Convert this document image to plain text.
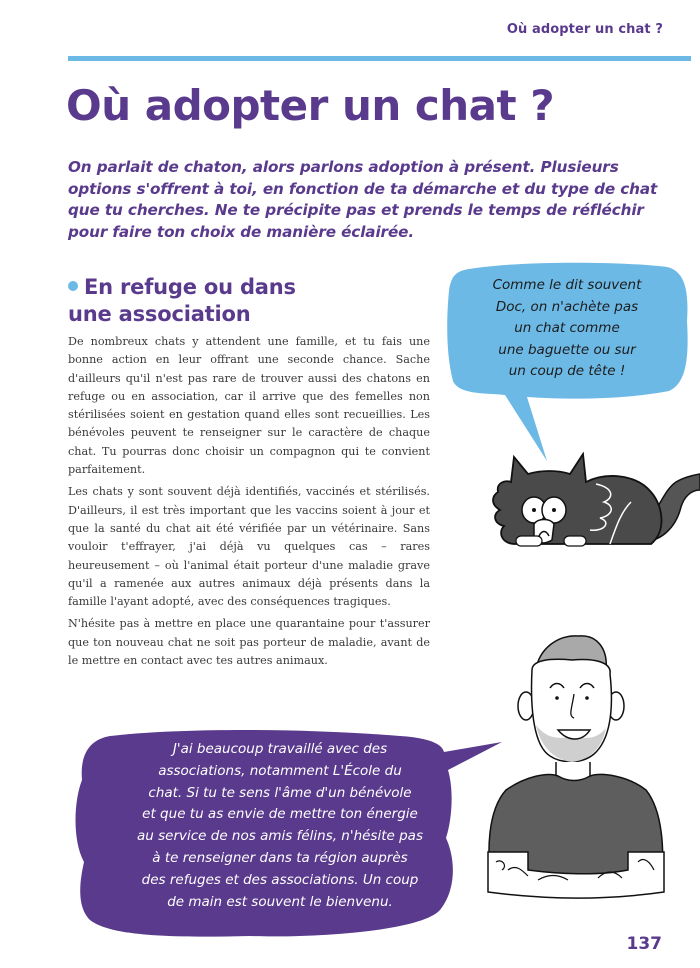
Où adopter un chat ?
Où adopter un chat ?

On parlait de chaton, alors parlons adoption à présent. Plusieurs options s'offrent à toi, en fonction de ta démarche et du type de chat que tu cherches. Ne te précipite pas et prends le temps de réfléchir pour faire ton choix de manière éclairée.

En refuge ou dans
une association

De nombreux chats y attendent une famille, et tu fais une bonne action en leur offrant une seconde chance. Sache d'ailleurs qu'il n'est pas rare de trouver aussi des chatons en refuge ou en association, car il arrive que des femelles non stérilisées soient en gestation quand elles sont recueillies. Les bénévoles peuvent te renseigner sur le caractère de chaque chat. Tu pourras donc choisir un compagnon qui te convient parfaitement.

Les chats y sont souvent déjà identifiés, vaccinés et stérilisés. D'ailleurs, il est très important que les vaccins soient à jour et que la santé du chat ait été vérifiée par un vétérinaire. Sans vouloir t'effrayer, j'ai déjà vu quelques cas – rares heureusement – où l'animal était porteur d'une maladie grave qu'il a ramenée aux autres animaux déjà présents dans la famille l'ayant adopté, avec des conséquences tragiques.

N'hésite pas à mettre en place une quarantaine pour t'assurer que ton nouveau chat ne soit pas porteur de maladie, avant de le mettre en contact avec tes autres animaux.

Comme le dit souvent
Doc, on n'achète pas
un chat comme
une baguette ou sur
un coup de tête !
J'ai beaucoup travaillé avec des
associations, notamment L'École du
chat. Si tu te sens l'âme d'un bénévole
et que tu as envie de mettre ton énergie
au service de nos amis félins, n'hésite pas
à te renseigner dans ta région auprès
des refuges et des associations. Un coup
de main est souvent le bienvenu.
137
